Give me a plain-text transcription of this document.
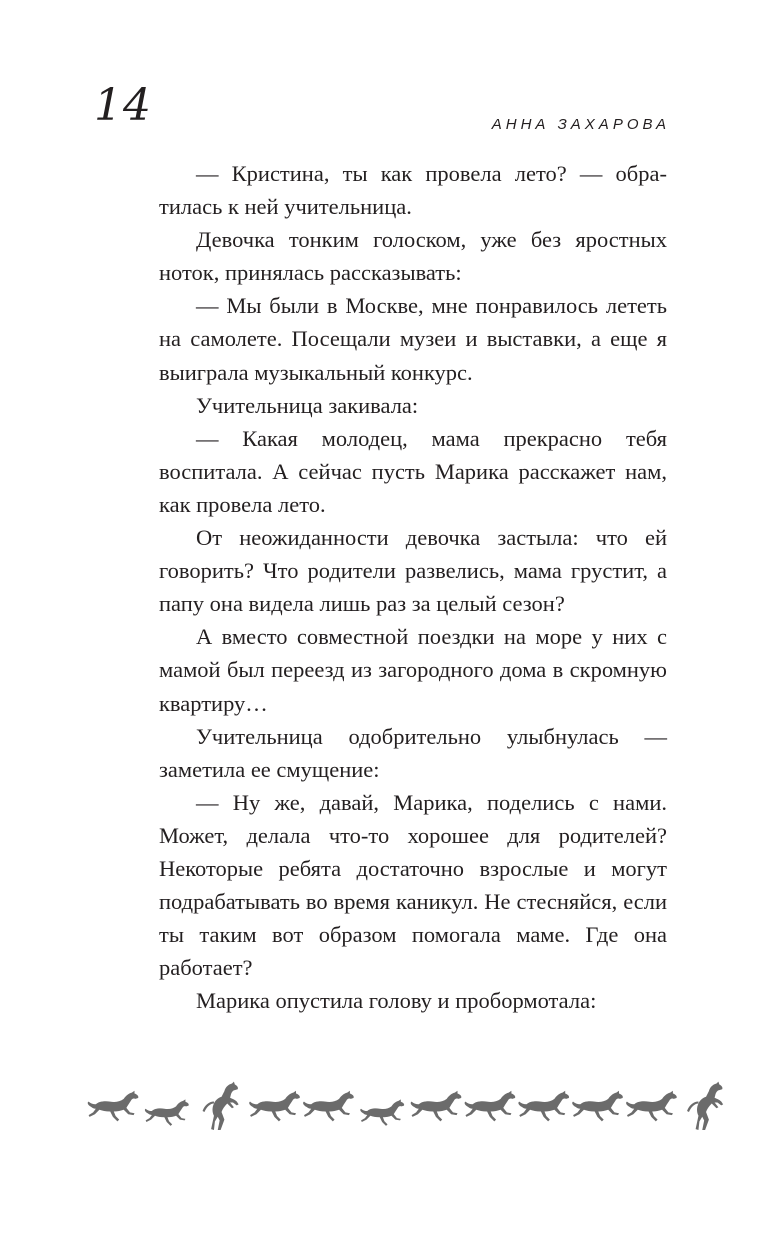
14	АННА ЗАХАРОВА

— Кристина, ты как провела лето? — обратилась к ней учительница.

Девочка тонким голоском, уже без яростных ноток, принялась рассказывать:

— Мы были в Москве, мне понравилось лететь на самолете. Посещали музеи и выставки, а еще я выиграла музыкальный конкурс.

Учительница закивала:

— Какая молодец, мама прекрасно тебя воспитала. А сейчас пусть Марика расскажет нам, как провела лето.

От неожиданности девочка застыла: что ей говорить? Что родители развелись, мама грустит, а папу она видела лишь раз за целый сезон?

А вместо совместной поездки на море у них с мамой был переезд из загородного дома в скромную квартиру…

Учительница одобрительно улыбнулась — заметила ее смущение:

— Ну же, давай, Марика, поделись с нами. Может, делала что-то хорошее для родителей? Некоторые ребята достаточно взрослые и могут подрабатывать во время каникул. Не стесняйся, если ты таким вот образом помогала маме. Где она работает?

Марика опустила голову и пробормотала:
